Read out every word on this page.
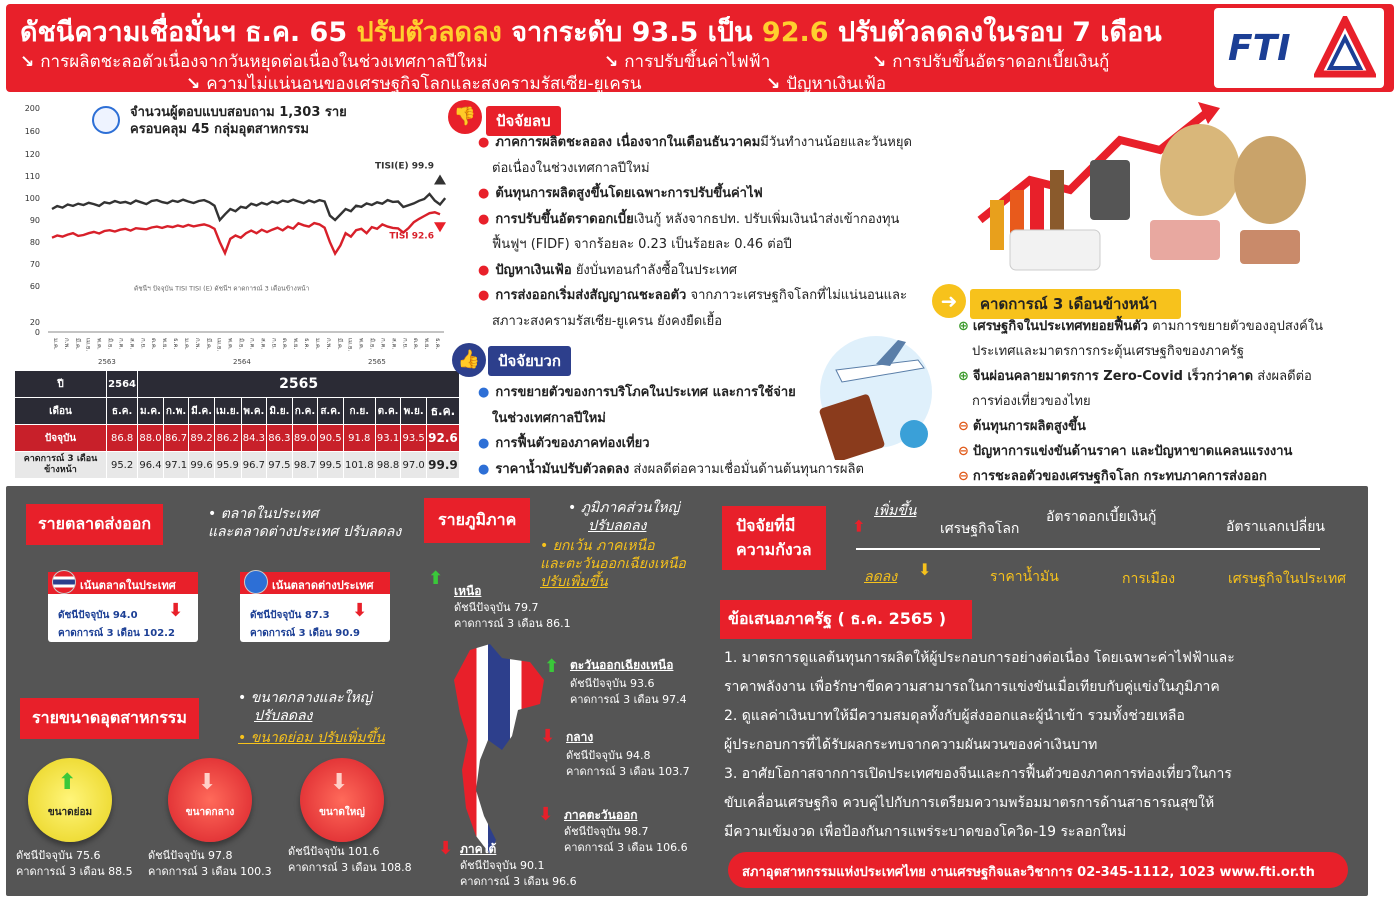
ดัชนีความเชื่อมั่นฯ ธ.ค. 65 ปรับตัวลดลง จากระดับ 93.5 เป็น 92.6 ปรับตัวลดลงในรอบ 7 เดือน
↘ การผลิตชะลอตัวเนื่องจากวันหยุดต่อเนื่องในช่วงเทศกาลปีใหม่	↘ การปรับขึ้นค่าไฟฟ้า	↘ การปรับขึ้นอัตราดอกเบี้ยเงินกู้
↘ ความไม่แน่นอนของเศรษฐกิจโลกและสงครามรัสเซีย-ยูเครน	↘ ปัญหาเงินเฟ้อ
FTI
จำนวนผู้ตอบแบบสอบถาม 1,303 ราย
ครอบคลุม 45 กลุ่มอุตสาหกรรม
0
20
60
70
80
90
100
110
120
160
200
TISI(E) 99.9
TISI 92.6
ดัชนีฯ ปัจจุบัน TISI TISI (E) ดัชนีฯ คาดการณ์ 3 เดือนข้างหน้า
ม.ค. ก.พ. มี.ค. เม.ย. พ.ค. มิ.ย. ก.ค. ส.ค. ก.ย. ต.ค. พ.ย. ธ.ค. ม.ค. ก.พ. มี.ค. เม.ย. พ.ค. มิ.ย. ก.ค. ส.ค. ก.ย. ต.ค. พ.ย. ธ.ค. ม.ค. ก.พ. มี.ค. เม.ย. พ.ค. มิ.ย. ก.ค. ส.ค. ก.ย. ต.ค. พ.ย. ธ.ค.
2563	2564	2565
ปี	2564	2565											
เดือน	ธ.ค.	ม.ค.	ก.พ.	มี.ค.	เม.ย.	พ.ค.	มิ.ย.	ก.ค.	ส.ค.	ก.ย.	ต.ค.	พ.ย.	ธ.ค.
ปัจจุบัน	86.8	88.0	86.7	89.2	86.2	84.3	86.3	89.0	90.5	91.8	93.1	93.5	92.6
คาดการณ์ 3 เดือนข้างหน้า	95.2	96.4	97.1	99.6	95.9	96.7	97.5	98.7	99.5	101.8	98.8	97.0	99.9
👎	ปัจจัยลบ
● ภาคการผลิตชะลอลง เนื่องจากในเดือนธันวาคมมีวันทำงานน้อยและวันหยุด
ต่อเนื่องในช่วงเทศกาลปีใหม่
● ต้นทุนการผลิตสูงขึ้นโดยเฉพาะการปรับขึ้นค่าไฟ
● การปรับขึ้นอัตราดอกเบี้ยเงินกู้ หลังจากธปท. ปรับเพิ่มเงินนำส่งเข้ากองทุน
ฟื้นฟูฯ (FIDF) จากร้อยละ 0.23 เป็นร้อยละ 0.46 ต่อปี
● ปัญหาเงินเฟ้อ ยังบั่นทอนกำลังซื้อในประเทศ
● การส่งออกเริ่มส่งสัญญาณชะลอตัว จากภาวะเศรษฐกิจโลกที่ไม่แน่นอนและ
สภาวะสงครามรัสเซีย-ยูเครน ยังคงยืดเยื้อ
👍	ปัจจัยบวก
● การขยายตัวของการบริโภคในประเทศ และการใช้จ่าย
ในช่วงเทศกาลปีใหม่
● การฟื้นตัวของภาคท่องเที่ยว
● ราคาน้ำมันปรับตัวลดลง ส่งผลดีต่อความเชื่อมั่นด้านต้นทุนการผลิต
➜	คาดการณ์ 3 เดือนข้างหน้า
⊕ เศรษฐกิจในประเทศทยอยฟื้นตัว ตามการขยายตัวของอุปสงค์ใน
ประเทศและมาตรการกระตุ้นเศรษฐกิจของภาครัฐ
⊕ จีนผ่อนคลายมาตรการ Zero-Covid เร็วกว่าคาด ส่งผลดีต่อ
การท่องเที่ยวของไทย
⊖ ต้นทุนการผลิตสูงขึ้น
⊖ ปัญหาการแข่งขันด้านราคา และปัญหาขาดแคลนแรงงาน
⊖ การชะลอตัวของเศรษฐกิจโลก กระทบภาคการส่งออก
รายตลาดส่งออก	• ตลาดในประเทศ
และตลาดต่างประเทศ ปรับลดลง
เน้นตลาดในประเทศ
ดัชนีปัจจุบัน 94.0
คาดการณ์ 3 เดือน 102.2
⬇
เน้นตลาดต่างประเทศ
ดัชนีปัจจุบัน 87.3
คาดการณ์ 3 เดือน 90.9
⬇
รายขนาดอุตสาหกรรม
• ขนาดกลางและใหญ่
ปรับลดลง
• ขนาดย่อม ปรับเพิ่มขึ้น
⬆
ขนาดย่อม
⬇
ขนาดกลาง
⬇
ขนาดใหญ่
ดัชนีปัจจุบัน 75.6
คาดการณ์ 3 เดือน 88.5
ดัชนีปัจจุบัน 97.8
คาดการณ์ 3 เดือน 100.3
ดัชนีปัจจุบัน 101.6
คาดการณ์ 3 เดือน 108.8
รายภูมิภาค
• ภูมิภาคส่วนใหญ่
ปรับลดลง
• ยกเว้น ภาคเหนือ
และตะวันออกเฉียงเหนือ
ปรับเพิ่มขึ้น
⬆
เหนือ
ดัชนีปัจจุบัน 79.7
คาดการณ์ 3 เดือน 86.1
⬆ ตะวันออกเฉียงเหนือ
ดัชนีปัจจุบัน 93.6
คาดการณ์ 3 เดือน 97.4
⬇ กลาง
ดัชนีปัจจุบัน 94.8
คาดการณ์ 3 เดือน 103.7
⬇ ภาคตะวันออก
ดัชนีปัจจุบัน 98.7
คาดการณ์ 3 เดือน 106.6
⬇ ภาคใต้
ดัชนีปัจจุบัน 90.1
คาดการณ์ 3 เดือน 96.6
ปัจจัยที่มี
ความกังวล
⬇
เพิ่มขึ้น
เศรษฐกิจโลก
อัตราดอกเบี้ยเงินกู้
อัตราแลกเปลี่ยน
ลดลง ⬇	ราคาน้ำมัน	การเมือง	เศรษฐกิจในประเทศ
ข้อเสนอภาครัฐ ( ธ.ค. 2565 )
1. มาตรการดูแลต้นทุนการผลิตให้ผู้ประกอบการอย่างต่อเนื่อง โดยเฉพาะค่าไฟฟ้าและ
ราคาพลังงาน เพื่อรักษาขีดความสามารถในการแข่งขันเมื่อเทียบกับคู่แข่งในภูมิภาค
2. ดูแลค่าเงินบาทให้มีความสมดุลทั้งกับผู้ส่งออกและผู้นำเข้า รวมทั้งช่วยเหลือ
ผู้ประกอบการที่ได้รับผลกระทบจากความผันผวนของค่าเงินบาท
3. อาศัยโอกาสจากการเปิดประเทศของจีนและการฟื้นตัวของภาคการท่องเที่ยวในการ
ขับเคลื่อนเศรษฐกิจ ควบคู่ไปกับการเตรียมความพร้อมมาตรการด้านสาธารณสุขให้
มีความเข้มงวด เพื่อป้องกันการแพร่ระบาดของโควิด-19 ระลอกใหม่
สภาอุตสาหกรรมแห่งประเทศไทย งานเศรษฐกิจและวิชาการ 02-345-1112, 1023 www.fti.or.th
